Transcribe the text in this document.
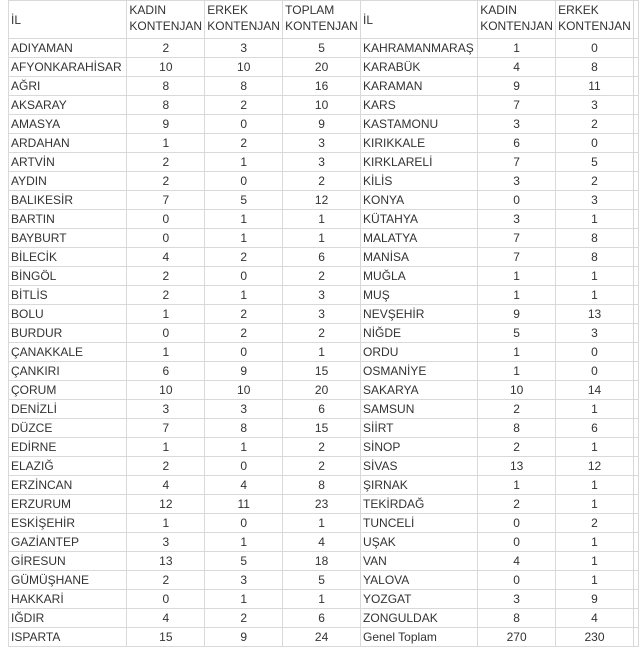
İL	KADIN KONTENJAN	ERKEK KONTENJAN	TOPLAM KONTENJAN	İL	KADIN KONTENJAN	ERKEK KONTENJAN	
ADIYAMAN	2	3	5	KAHRAMANMARAŞ	1	0	
AFYONKARAHİSAR	10	10	20	KARABÜK	4	8	
AĞRI	8	8	16	KARAMAN	9	11	
AKSARAY	8	2	10	KARS	7	3	
AMASYA	9	0	9	KASTAMONU	3	2	
ARDAHAN	1	2	3	KIRIKKALE	6	0	
ARTVİN	2	1	3	KIRKLARELİ	7	5	
AYDIN	2	0	2	KİLİS	3	2	
BALIKESİR	7	5	12	KONYA	0	3	
BARTIN	0	1	1	KÜTAHYA	3	1	
BAYBURT	0	1	1	MALATYA	7	8	
BİLECİK	4	2	6	MANİSA	7	8	
BİNGÖL	2	0	2	MUĞLA	1	1	
BİTLİS	2	1	3	MUŞ	1	1	
BOLU	1	2	3	NEVŞEHİR	9	13	
BURDUR	0	2	2	NİĞDE	5	3	
ÇANAKKALE	1	0	1	ORDU	1	0	
ÇANKIRI	6	9	15	OSMANİYE	1	0	
ÇORUM	10	10	20	SAKARYA	10	14	
DENİZLİ	3	3	6	SAMSUN	2	1	
DÜZCE	7	8	15	SİİRT	8	6	
EDİRNE	1	1	2	SİNOP	2	1	
ELAZIĞ	2	0	2	SİVAS	13	12	
ERZİNCAN	4	4	8	ŞIRNAK	1	1	
ERZURUM	12	11	23	TEKİRDAĞ	2	1	
ESKİŞEHİR	1	0	1	TUNCELİ	0	2	
GAZİANTEP	3	1	4	UŞAK	0	1	
GİRESUN	13	5	18	VAN	4	1	
GÜMÜŞHANE	2	3	5	YALOVA	0	1	
HAKKARİ	0	1	1	YOZGAT	3	9	
IĞDIR	4	2	6	ZONGULDAK	8	4	
ISPARTA	15	9	24	Genel Toplam	270	230	
